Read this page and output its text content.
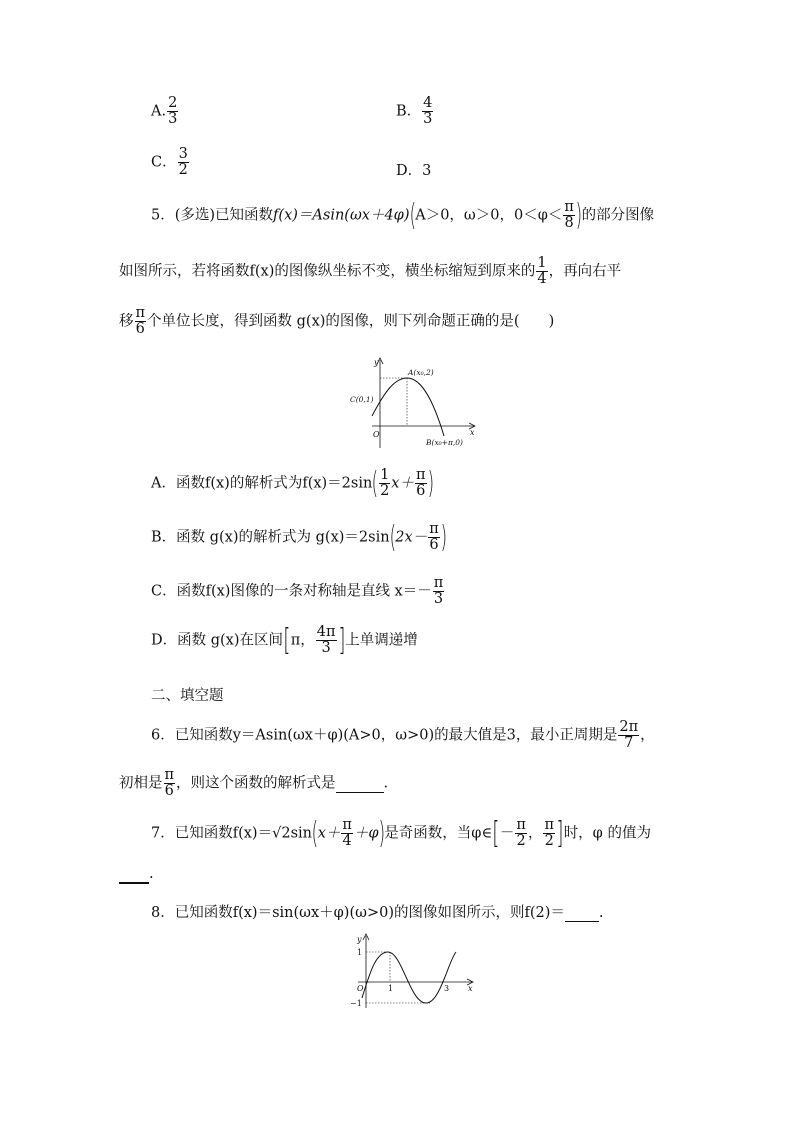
A. $\frac{2}{3}$	B． $\frac{4}{3}$
C． $\frac{3}{2}$	D．3
5．(多选)已知函数f(x)＝Asin(ωx＋4φ)(A＞0，ω＞0，$0<\varphi< \frac{\pi}{8}$ )的部分图像
如图所示，若将函数f(x)的图像纵坐标不变，横坐标缩短到原来的 $\frac{1}{4}$ ，再向右平
移 $\frac{\pi}{6}$ 个单位长度，得到函数 g(x)的图像，则下列命题正确的是(　　)
y
x
O
A(x₀,2)
C(0,1)
B(x₀+π,0)
A．函数f(x)的解析式为$f(x)=2\sin( \frac{1}{2} x+ \frac{\pi}{6}$ )
B．函数 g(x)的解析式为 $g(x)=2\sin(2x- \frac{\pi}{6}$ )
C．函数f(x)图像的一条对称轴是直线 $x=- \frac{\pi}{3}$
D．函数 g(x)在区间[π， $\frac{4\pi}{3}$ ]上单调递增
二、填空题
6．已知函数y＝Asin(ωx＋φ)(A>0，ω>0)的最大值是3，最小正周期是 $\frac{2\pi}{7}$ ，
初相是 $\frac{\pi}{6}$ ，则这个函数的解析式是	.
7．已知函数$f(x)=√2\sin(x+ \frac{\pi}{4} +\varphi)$是奇函数，当φ∈[－ $\frac{\pi}{2}$ ， $\frac{\pi}{2}$ ]时，φ 的值为
.
8．已知函数f(x)＝sin(ωx＋φ)(ω>0)的图像如图所示，则f(2)＝ .
y
x
O
1
−1
1	3
